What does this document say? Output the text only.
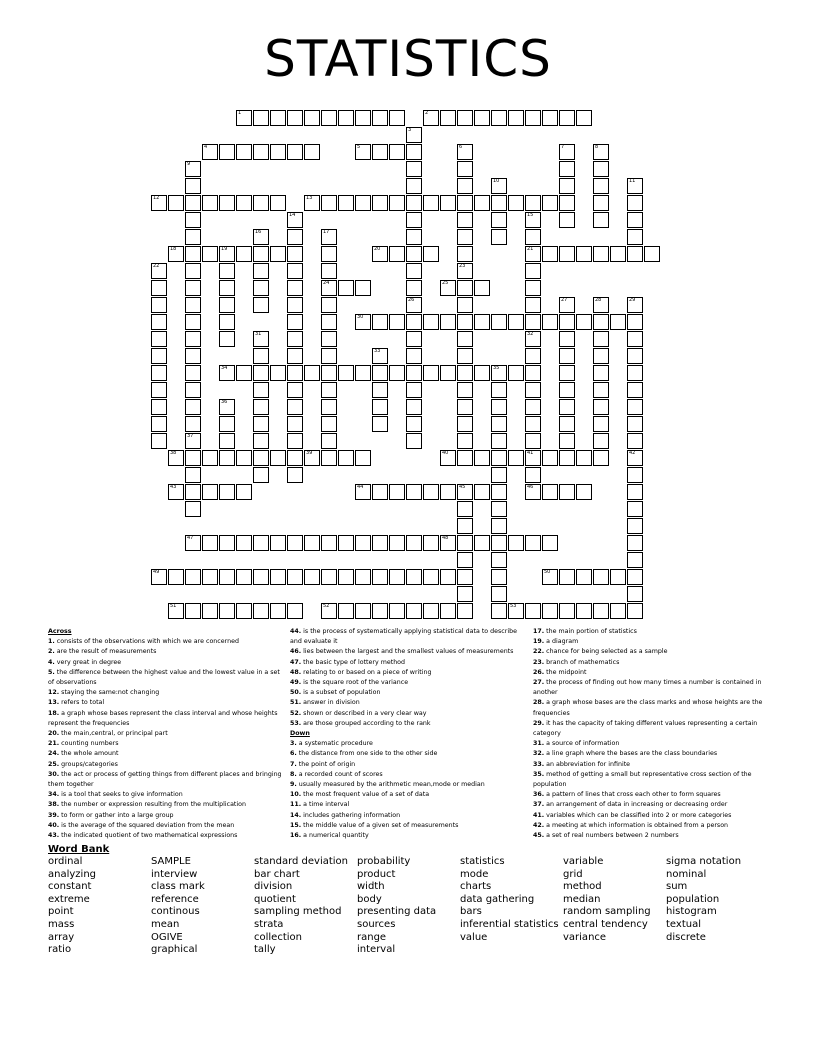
STATISTICS
1	2
3
26
4	5	6
23
7	8
9
37
10	11
12	13
14	15
21
32
41
16	17
24
18	19	20
22
25
27	28	29
42
30
31
33
34	35
36
38	39	40
43	44	45	46
47	48
49	50
51	52	53
Across
1. consists of the observations with which we are concerned
2. are the result of measurements
4. very great in degree
5. the difference between the highest value and the lowest value in a set of observations
12. staying the same:not changing
13. refers to total
18. a graph whose bases represent the class interval and whose heights represent the frequencies
20. the main,central, or principal part
21. counting numbers
24. the whole amount
25. groups/categories
30. the act or process of getting things from different places and bringing them together
34. is a tool that seeks to give information
38. the number or expression resulting from the multiplication
39. to form or gather into a large group
40. is the average of the squared deviation from the mean
43. the indicated quotient of two mathematical expressions
44. is the process of systematically applying statistical data to describe and evaluate it
46. lies between the largest and the smallest values of measurements
47. the basic type of lottery method
48. relating to or based on a piece of writing
49. is the square root of the variance
50. is a subset of population
51. answer in division
52. shown or described in a very clear way
53. are those grouped according to the rank
Down
3. a systematic procedure
6. the distance from one side to the other side
7. the point of origin
8. a recorded count of scores
9. usually measured by the arithmetic mean,mode or median
10. the most frequent value of a set of data
11. a time interval
14. includes gathering information
15. the middle value of a given set of measurements
16. a numerical quantity
17. the main portion of statistics
19. a diagram
22. chance for being selected as a sample
23. branch of mathematics
26. the midpoint
27. the process of finding out how many times a number is contained in another
28. a graph whose bases are the class marks and whose heights are the frequencies
29. it has the capacity of taking different values representing a certain category
31. a source of information
32. a line graph where the bases are the class boundaries
33. an abbreviation for infinite
35. method of getting a small but representative cross section of the population
36. a pattern of lines that cross each other to form squares
37. an arrangement of data in increasing or decreasing order
41. variables which can be classified into 2 or more categories
42. a meeting at which information is obtained from a person
45. a set of real numbers between 2 numbers
Word Bank
ordinal
analyzing
constant
extreme
point
mass
array
ratio
SAMPLE
interview
class mark
reference
continous
mean
OGIVE
graphical
standard deviation
bar chart
division
quotient
sampling method
strata
collection
tally
probability
product
width
body
presenting data
sources
range
interval
statistics
mode
charts
data gathering
bars
inferential statistics
value
variable
grid
method
median
random sampling
central tendency
variance
sigma notation
nominal
sum
population
histogram
textual
discrete
